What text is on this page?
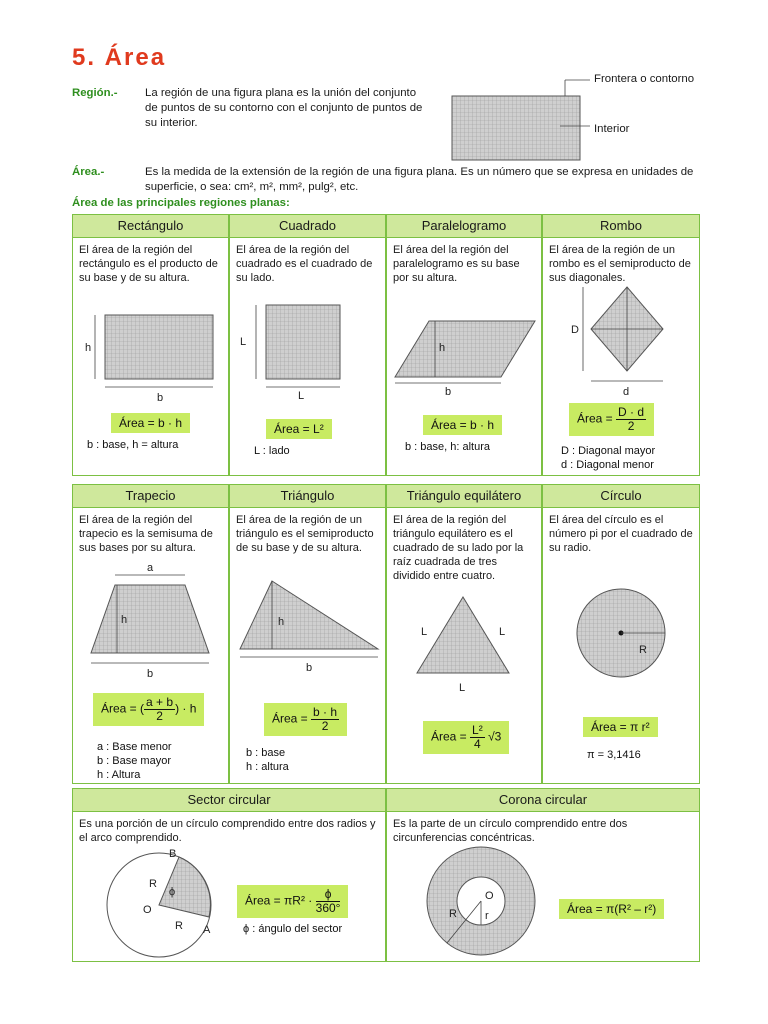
5. Área
Región.- La región de una figura plana es la unión del conjunto de puntos de su contorno con el conjunto de puntos de su interior.
Frontera o contorno
Interior
Área.-	Es la medida de la extensión de la región de una figura plana. Es un número que se expresa en unidades de superficie, o sea: cm², m², mm², pulg², etc.
Área de las principales regiones planas:
Rectángulo
El área de la región del rectángulo es el producto de su base y de su altura.
h
b
Área = b · h
b : base, h = altura
Cuadrado
El área de la región del cuadrado es el cuadrado de su lado.
L
L
Área = L²
L : lado
Paralelogramo
El área del la región del paralelogramo es su base por su altura.
h
b
Área = b · h
b : base, h: altura
Rombo
El área de la región de un rombo es el semiproducto de sus diagonales.
D
d
Área = $\frac{D \cdot d}{2}$
D : Diagonal mayor
d : Diagonal menor
Trapecio
El área de la región del trapecio es la semisuma de sus bases por su altura.
a
h
b
Área = ( $\frac{a + b}{2}$ ) · h
a : Base menor
b : Base mayor
h : Altura
Triángulo
El área de la región de un triángulo es el semiproducto de su base y de su altura.
h
b
Área = $\frac{b \cdot h}{2}$
b : base
h : altura
Triángulo equilátero
El área de la región del triángulo equilátero es el cuadrado de su lado por la raíz cuadrada de tres dividido entre cuatro.
L	L
L
Área = $\frac{\text{L²}}{4} √3$
Círculo
El área del círculo es el número pi por el cuadrado de su radio.
R
Área = π r²
π = 3,1416
Sector circular
Es una porción de un círculo comprendido entre dos radios y el arco comprendido.
B
A
O
R
R
ϕ
Área = $\pi R^2 \cdot \frac{\phi}{360^\circ}$
ϕ : ángulo del sector
Corona circular
Es la parte de un círculo comprendido entre dos circunferencias concéntricas.
O
R	r	Área = π(R² – r²)
